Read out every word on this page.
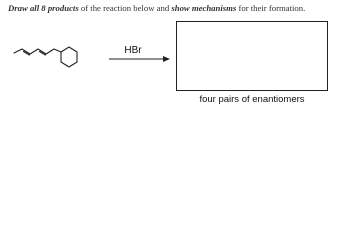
Draw all 8 products of the reaction below and show mechanisms for their formation.
HBr
four pairs of enantiomers
